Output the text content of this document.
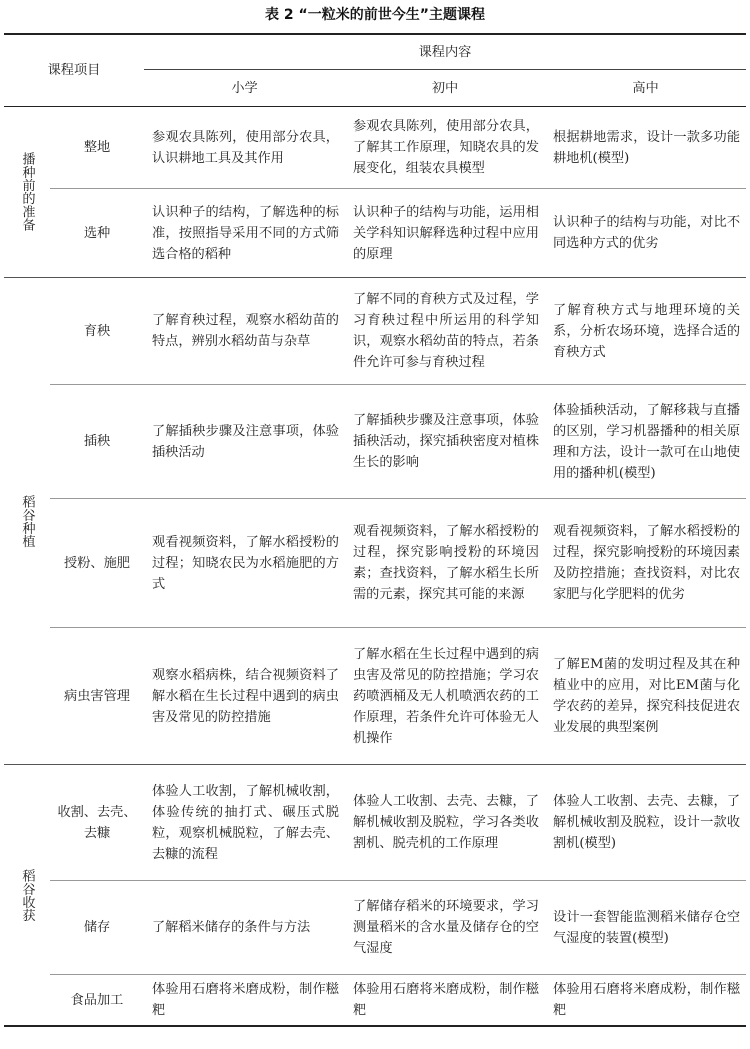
表 2 “一粒米的前世今生”主题课程
课程项目		课程内容		
		小学	初中	高中

播种前的准备	整地	参观农具陈列，使用部分农具，认识耕地工具及其作用	参观农具陈列，使用部分农具，了解其工作原理，知晓农具的发展变化，组装农具模型	根据耕地需求，设计一款多功能耕地机(模型)
	选种	认识种子的结构，了解选种的标准，按照指导采用不同的方式筛选合格的稻种	认识种子的结构与功能，运用相关学科知识解释选种过程中应用的原理	认识种子的结构与功能，对比不同选种方式的优劣

稻谷种植	育秧	了解育秧过程，观察水稻幼苗的特点，辨别水稻幼苗与杂草	了解不同的育秧方式及过程，学习育秧过程中所运用的科学知识，观察水稻幼苗的特点，若条件允许可参与育秧过程	了解育秧方式与地理环境的关系，分析农场环境，选择合适的育秧方式
	插秧	了解插秧步骤及注意事项，体验插秧活动	了解插秧步骤及注意事项，体验插秧活动，探究插秧密度对植株生长的影响	体验插秧活动，了解移栽与直播的区别，学习机器播种的相关原理和方法，设计一款可在山地使用的播种机(模型)
	授粉、施肥	观看视频资料，了解水稻授粉的过程；知晓农民为水稻施肥的方式	观看视频资料，了解水稻授粉的过程，探究影响授粉的环境因素；查找资料，了解水稻生长所需的元素，探究其可能的来源	观看视频资料，了解水稻授粉的过程，探究影响授粉的环境因素及防控措施；查找资料，对比农家肥与化学肥料的优劣
	病虫害管理	观察水稻病株，结合视频资料了解水稻在生长过程中遇到的病虫害及常见的防控措施	了解水稻在生长过程中遇到的病虫害及常见的防控措施；学习农药喷洒桶及无人机喷洒农药的工作原理，若条件允许可体验无人机操作	了解EM菌的发明过程及其在种植业中的应用，对比EM菌与化学农药的差异，探究科技促进农业发展的典型案例

稻谷收获	收割、去壳、去糠	体验人工收割，了解机械收割，体验传统的抽打式、碾压式脱粒，观察机械脱粒，了解去壳、去糠的流程	体验人工收割、去壳、去糠，了解机械收割及脱粒，学习各类收割机、脱壳机的工作原理	体验人工收割、去壳、去糠，了解机械收割及脱粒，设计一款收割机(模型)
	储存	了解稻米储存的条件与方法	了解储存稻米的环境要求，学习测量稻米的含水量及储存仓的空气湿度	设计一套智能监测稻米储存仓空气湿度的装置(模型)
	食品加工	体验用石磨将米磨成粉，制作糍粑	体验用石磨将米磨成粉，制作糍粑	体验用石磨将米磨成粉，制作糍粑
